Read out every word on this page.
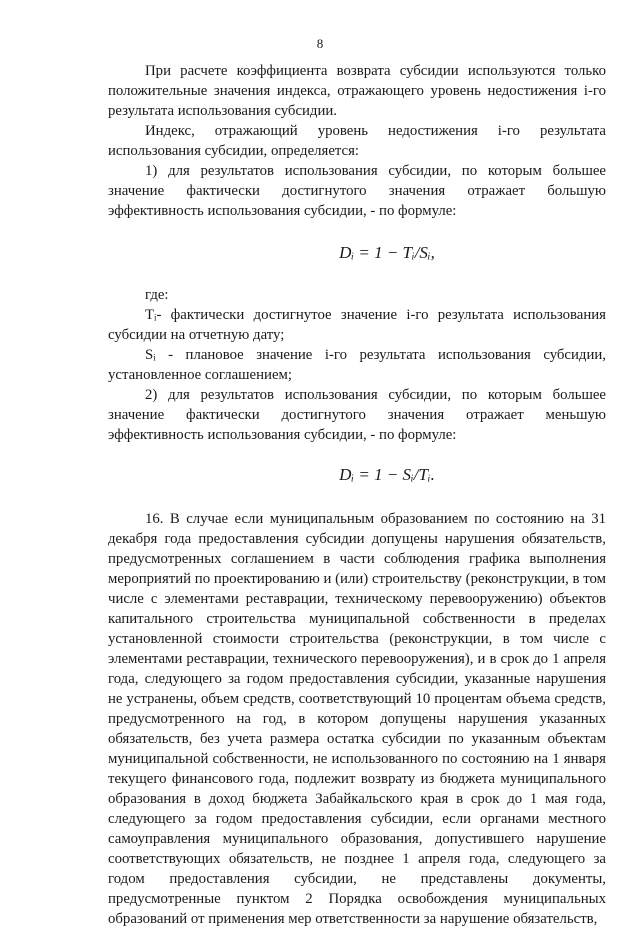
8

При расчете коэффициента возврата субсидии используются только положительные значения индекса, отражающего уровень недостижения i-го результата использования субсидии.

Индекс, отражающий уровень недостижения i-го результата использования субсидии, определяется:

1) для результатов использования субсидии, по которым большее значение фактически достигнутого значения отражает большую эффективность использования субсидии, - по формуле:

Dᵢ = 1 − Tᵢ/Sᵢ,

где:

Tᵢ- фактически достигнутое значение i-го результата использования субсидии на отчетную дату;

Sᵢ - плановое значение i-го результата использования субсидии, установленное соглашением;

2) для результатов использования субсидии, по которым большее значение фактически достигнутого значения отражает меньшую эффективность использования субсидии, - по формуле:

Dᵢ = 1 − Sᵢ/Tᵢ.

16. В случае если муниципальным образованием по состоянию на 31 декабря года предоставления субсидии допущены нарушения обязательств, предусмотренных соглашением в части соблюдения графика выполнения мероприятий по проектированию и (или) строительству (реконструкции, в том числе с элементами реставрации, техническому перевооружению) объектов капитального строительства муниципальной собственности в пределах установленной стоимости строительства (реконструкции, в том числе с элементами реставрации, технического перевооружения), и в срок до 1 апреля года, следующего за годом предоставления субсидии, указанные нарушения не устранены, объем средств, соответствующий 10 процентам объема средств, предусмотренного на год, в котором допущены нарушения указанных обязательств, без учета размера остатка субсидии по указанным объектам муниципальной собственности, не использованного по состоянию на 1 января текущего финансового года, подлежит возврату из бюджета муниципального образования в доход бюджета Забайкальского края в срок до 1 мая года, следующего за годом предоставления субсидии, если органами местного самоуправления муниципального образования, допустившего нарушение соответствующих обязательств, не позднее 1 апреля года, следующего за годом предоставления субсидии, не представлены документы, предусмотренные пунктом 2 Порядка освобождения муниципальных образований от применения мер ответственности за нарушение обязательств,
